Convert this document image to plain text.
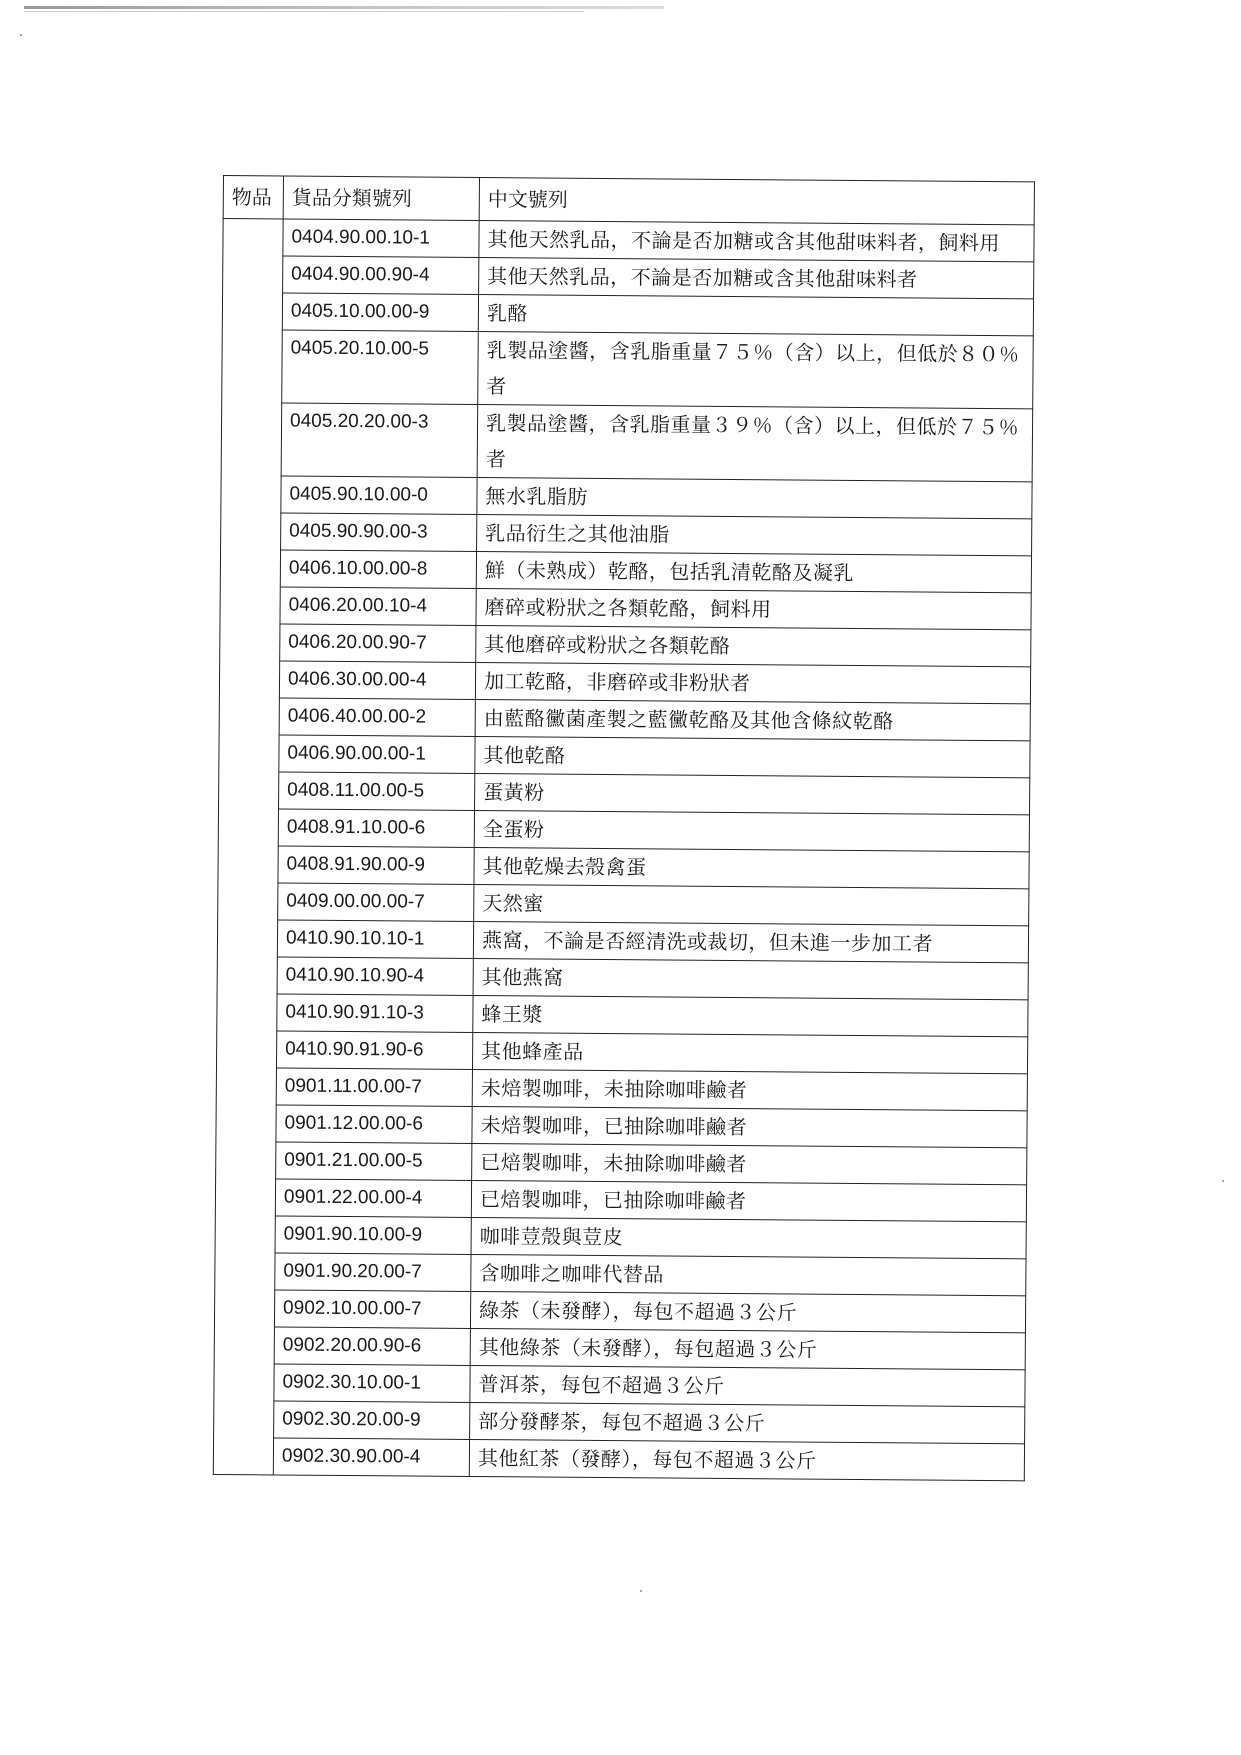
物品	貨品分類號列	中文號列
	0404.90.00.10-1	其他天然乳品，不論是否加糖或含其他甜味料者，飼料用
	0404.90.00.90-4	其他天然乳品，不論是否加糖或含其他甜味料者
	0405.10.00.00-9	乳酪
	0405.20.10.00-5	乳製品塗醬，含乳脂重量７５％（含）以上，但低於８０％者
	0405.20.20.00-3	乳製品塗醬，含乳脂重量３９％（含）以上，但低於７５％者
	0405.90.10.00-0	無水乳脂肪
	0405.90.90.00-3	乳品衍生之其他油脂
	0406.10.00.00-8	鮮（未熟成）乾酪，包括乳清乾酪及凝乳
	0406.20.00.10-4	磨碎或粉狀之各類乾酪，飼料用
	0406.20.00.90-7	其他磨碎或粉狀之各類乾酪
	0406.30.00.00-4	加工乾酪，非磨碎或非粉狀者
	0406.40.00.00-2	由藍酪黴菌產製之藍黴乾酪及其他含條紋乾酪
	0406.90.00.00-1	其他乾酪
	0408.11.00.00-5	蛋黃粉
	0408.91.10.00-6	全蛋粉
	0408.91.90.00-9	其他乾燥去殼禽蛋
	0409.00.00.00-7	天然蜜
	0410.90.10.10-1	燕窩，不論是否經清洗或裁切，但未進一步加工者
	0410.90.10.90-4	其他燕窩
	0410.90.91.10-3	蜂王漿
	0410.90.91.90-6	其他蜂產品
	0901.11.00.00-7	未焙製咖啡，未抽除咖啡鹼者
	0901.12.00.00-6	未焙製咖啡，已抽除咖啡鹼者
	0901.21.00.00-5	已焙製咖啡，未抽除咖啡鹼者
	0901.22.00.00-4	已焙製咖啡，已抽除咖啡鹼者
	0901.90.10.00-9	咖啡荳殼與荳皮
	0901.90.20.00-7	含咖啡之咖啡代替品
	0902.10.00.00-7	綠茶（未發酵），每包不超過３公斤
	0902.20.00.90-6	其他綠茶（未發酵），每包超過３公斤
	0902.30.10.00-1	普洱茶，每包不超過３公斤
	0902.30.20.00-9	部分發酵茶，每包不超過３公斤
	0902.30.90.00-4	其他紅茶（發酵），每包不超過３公斤
